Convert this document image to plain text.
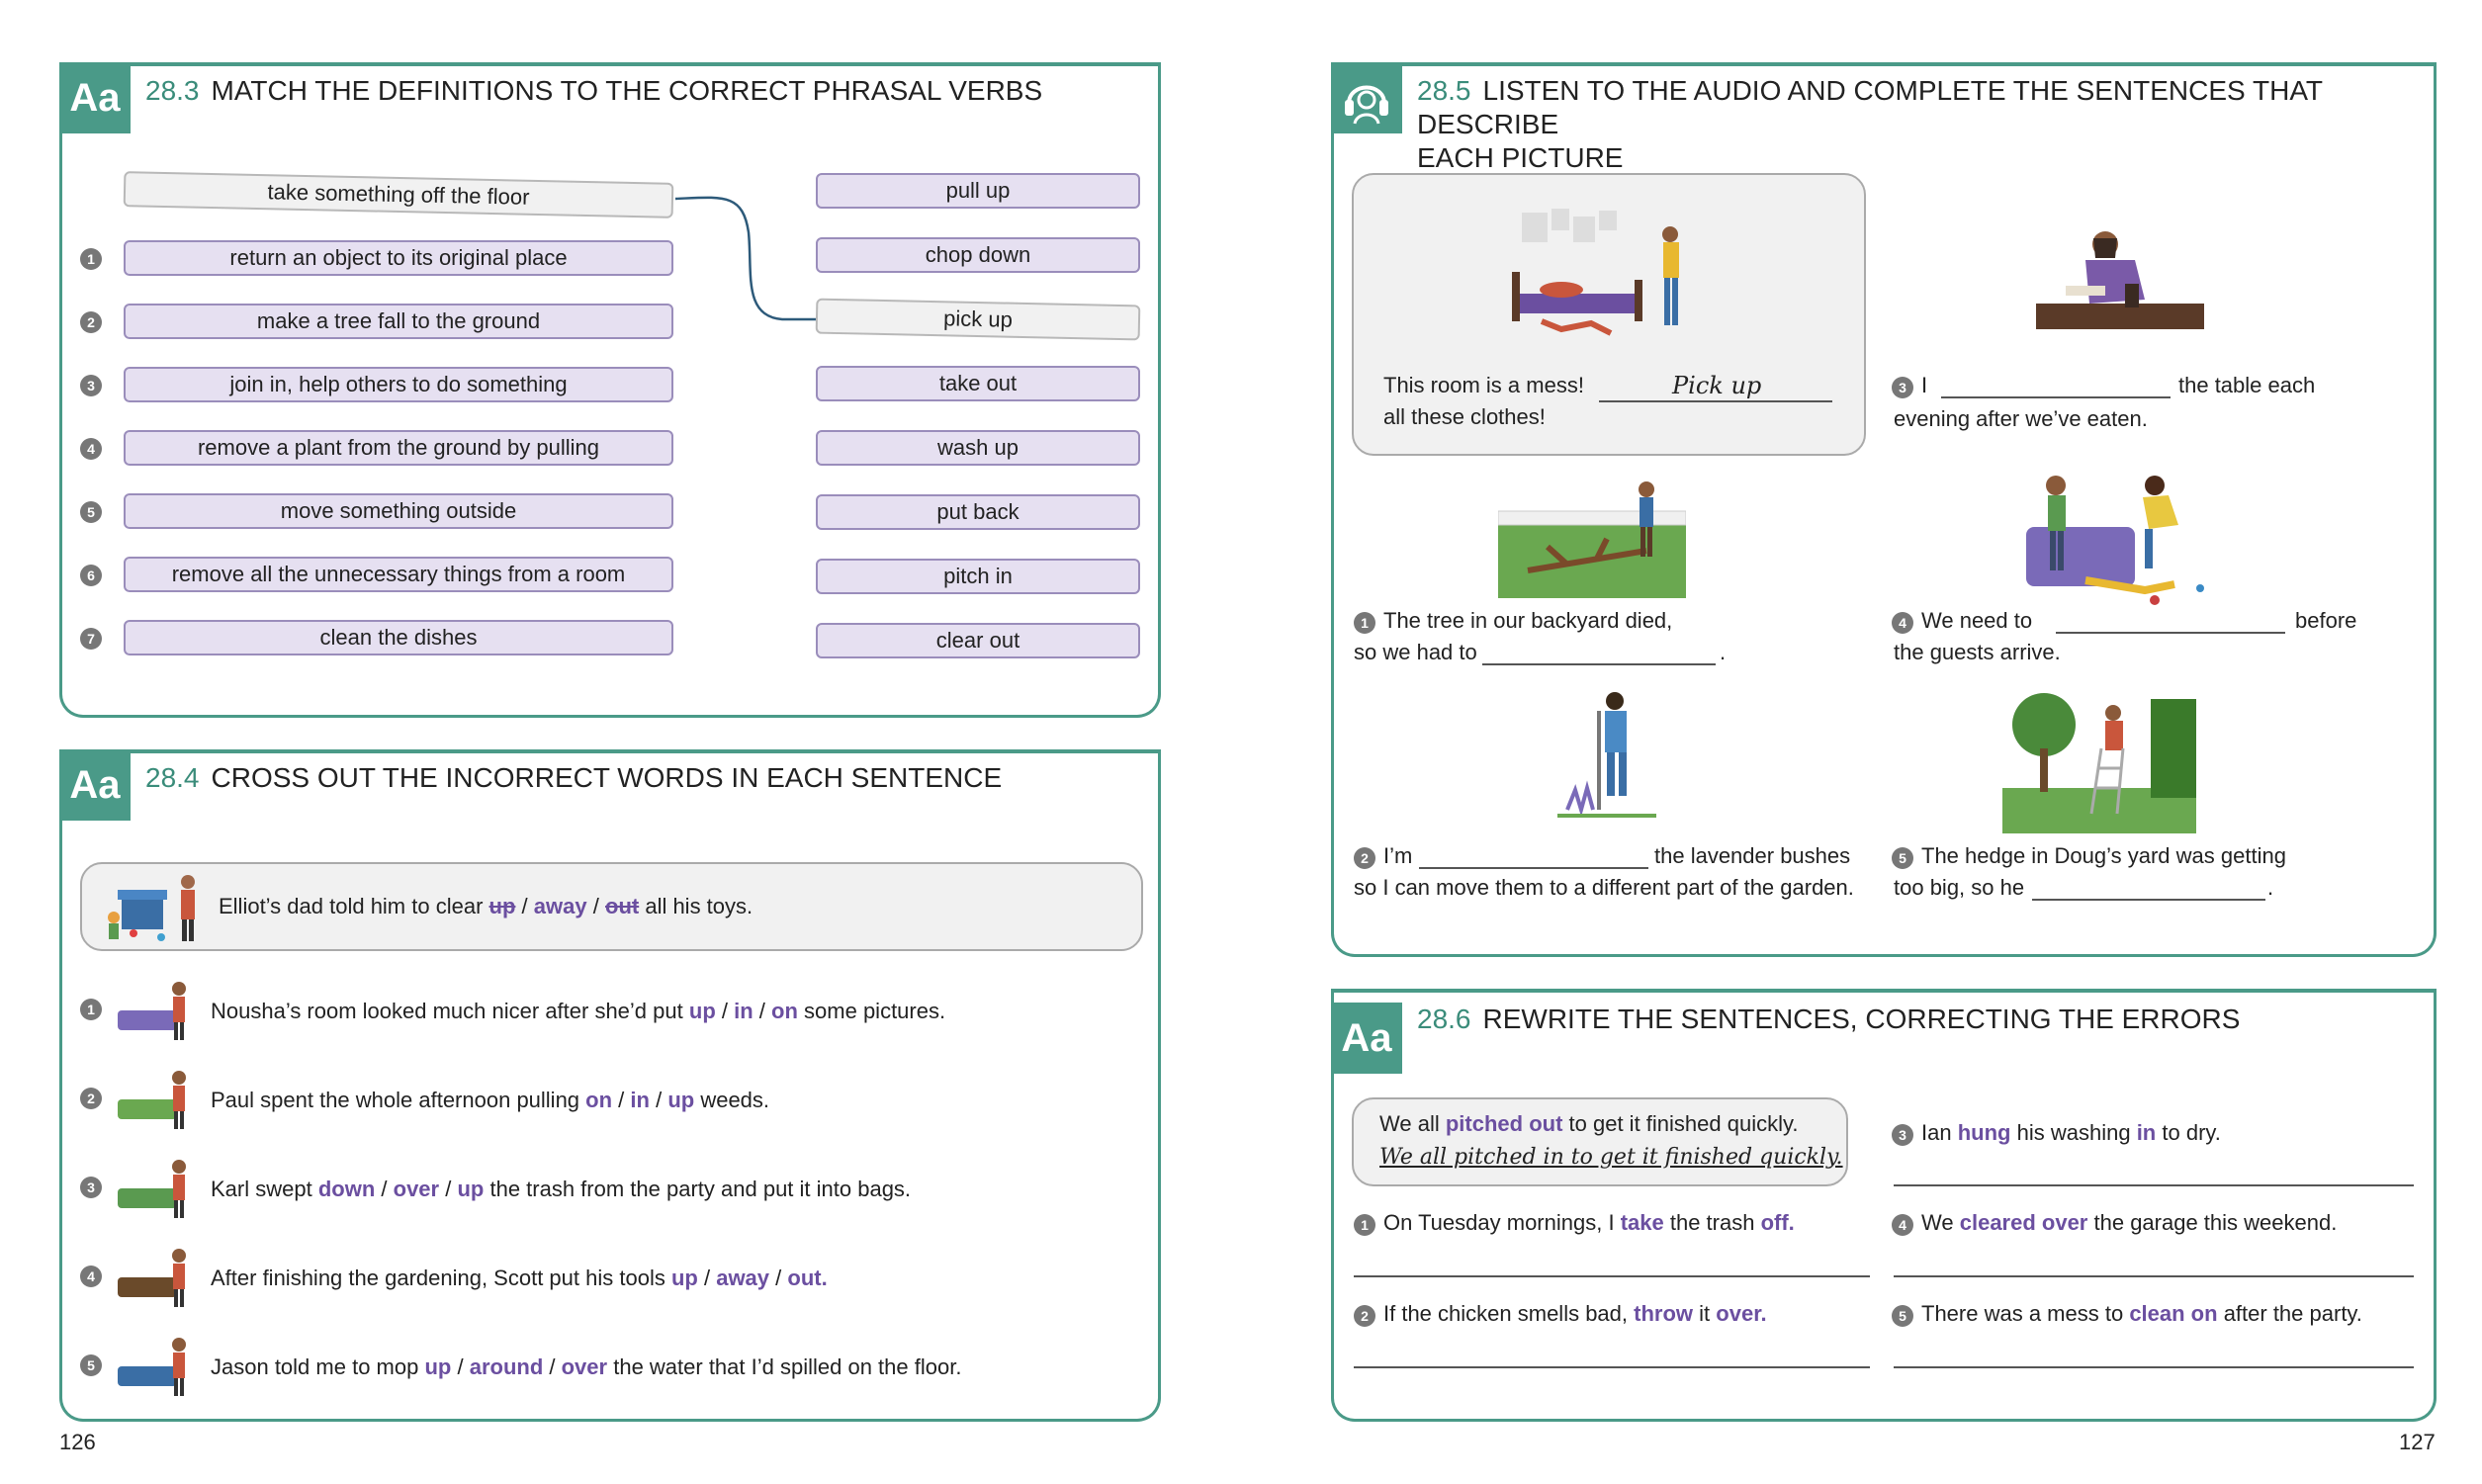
Aa 28.3 MATCH THE DEFINITIONS TO THE CORRECT PHRASAL VERBS
take something off the floor
1	return an object to its original place
2	make a tree fall to the ground
3	join in, help others to do something
4	remove a plant from the ground by pulling
5	move something outside
6	remove all the unnecessary things from a room
7	clean the dishes
pull up
chop down
pick up
take out
wash up
put back
pitch in
clear out
Aa 28.4 CROSS OUT THE INCORRECT WORDS IN EACH SENTENCE
Elliot’s dad told him to clear up / away / out all his toys.
1	Nousha’s room looked much nicer after she’d put up / in / on some pictures.
2	Paul spent the whole afternoon pulling on / in / up weeds.
3	Karl swept down / over / up the trash from the party and put it into bags.
4	After finishing the gardening, Scott put his tools up / away / out.
5	Jason told me to mop up / around / over the water that I’d spilled on the floor.
28.5 LISTEN TO THE AUDIO AND COMPLETE THE SENTENCES THAT DESCRIBE
EACH PICTURE
This room is a mess!	Pick up
all these clothes!
3 I	the table each
evening after we’ve eaten.
1 The tree in our backyard died,
so we had to	.
4 We need to	before
the guests arrive.
2 I’m	the lavender bushes
so I can move them to a different part of the garden.
5 The hedge in Doug’s yard was getting
too big, so he	.
Aa 28.6 REWRITE THE SENTENCES, CORRECTING THE ERRORS
We all pitched out to get it finished quickly.
We all pitched in to get it finished quickly.
3 Ian hung his washing in to dry.
1 On Tuesday mornings, I take the trash off.	4 We cleared over the garage this weekend.
2 If the chicken smells bad, throw it over.	5 There was a mess to clean on after the party.
126	127
